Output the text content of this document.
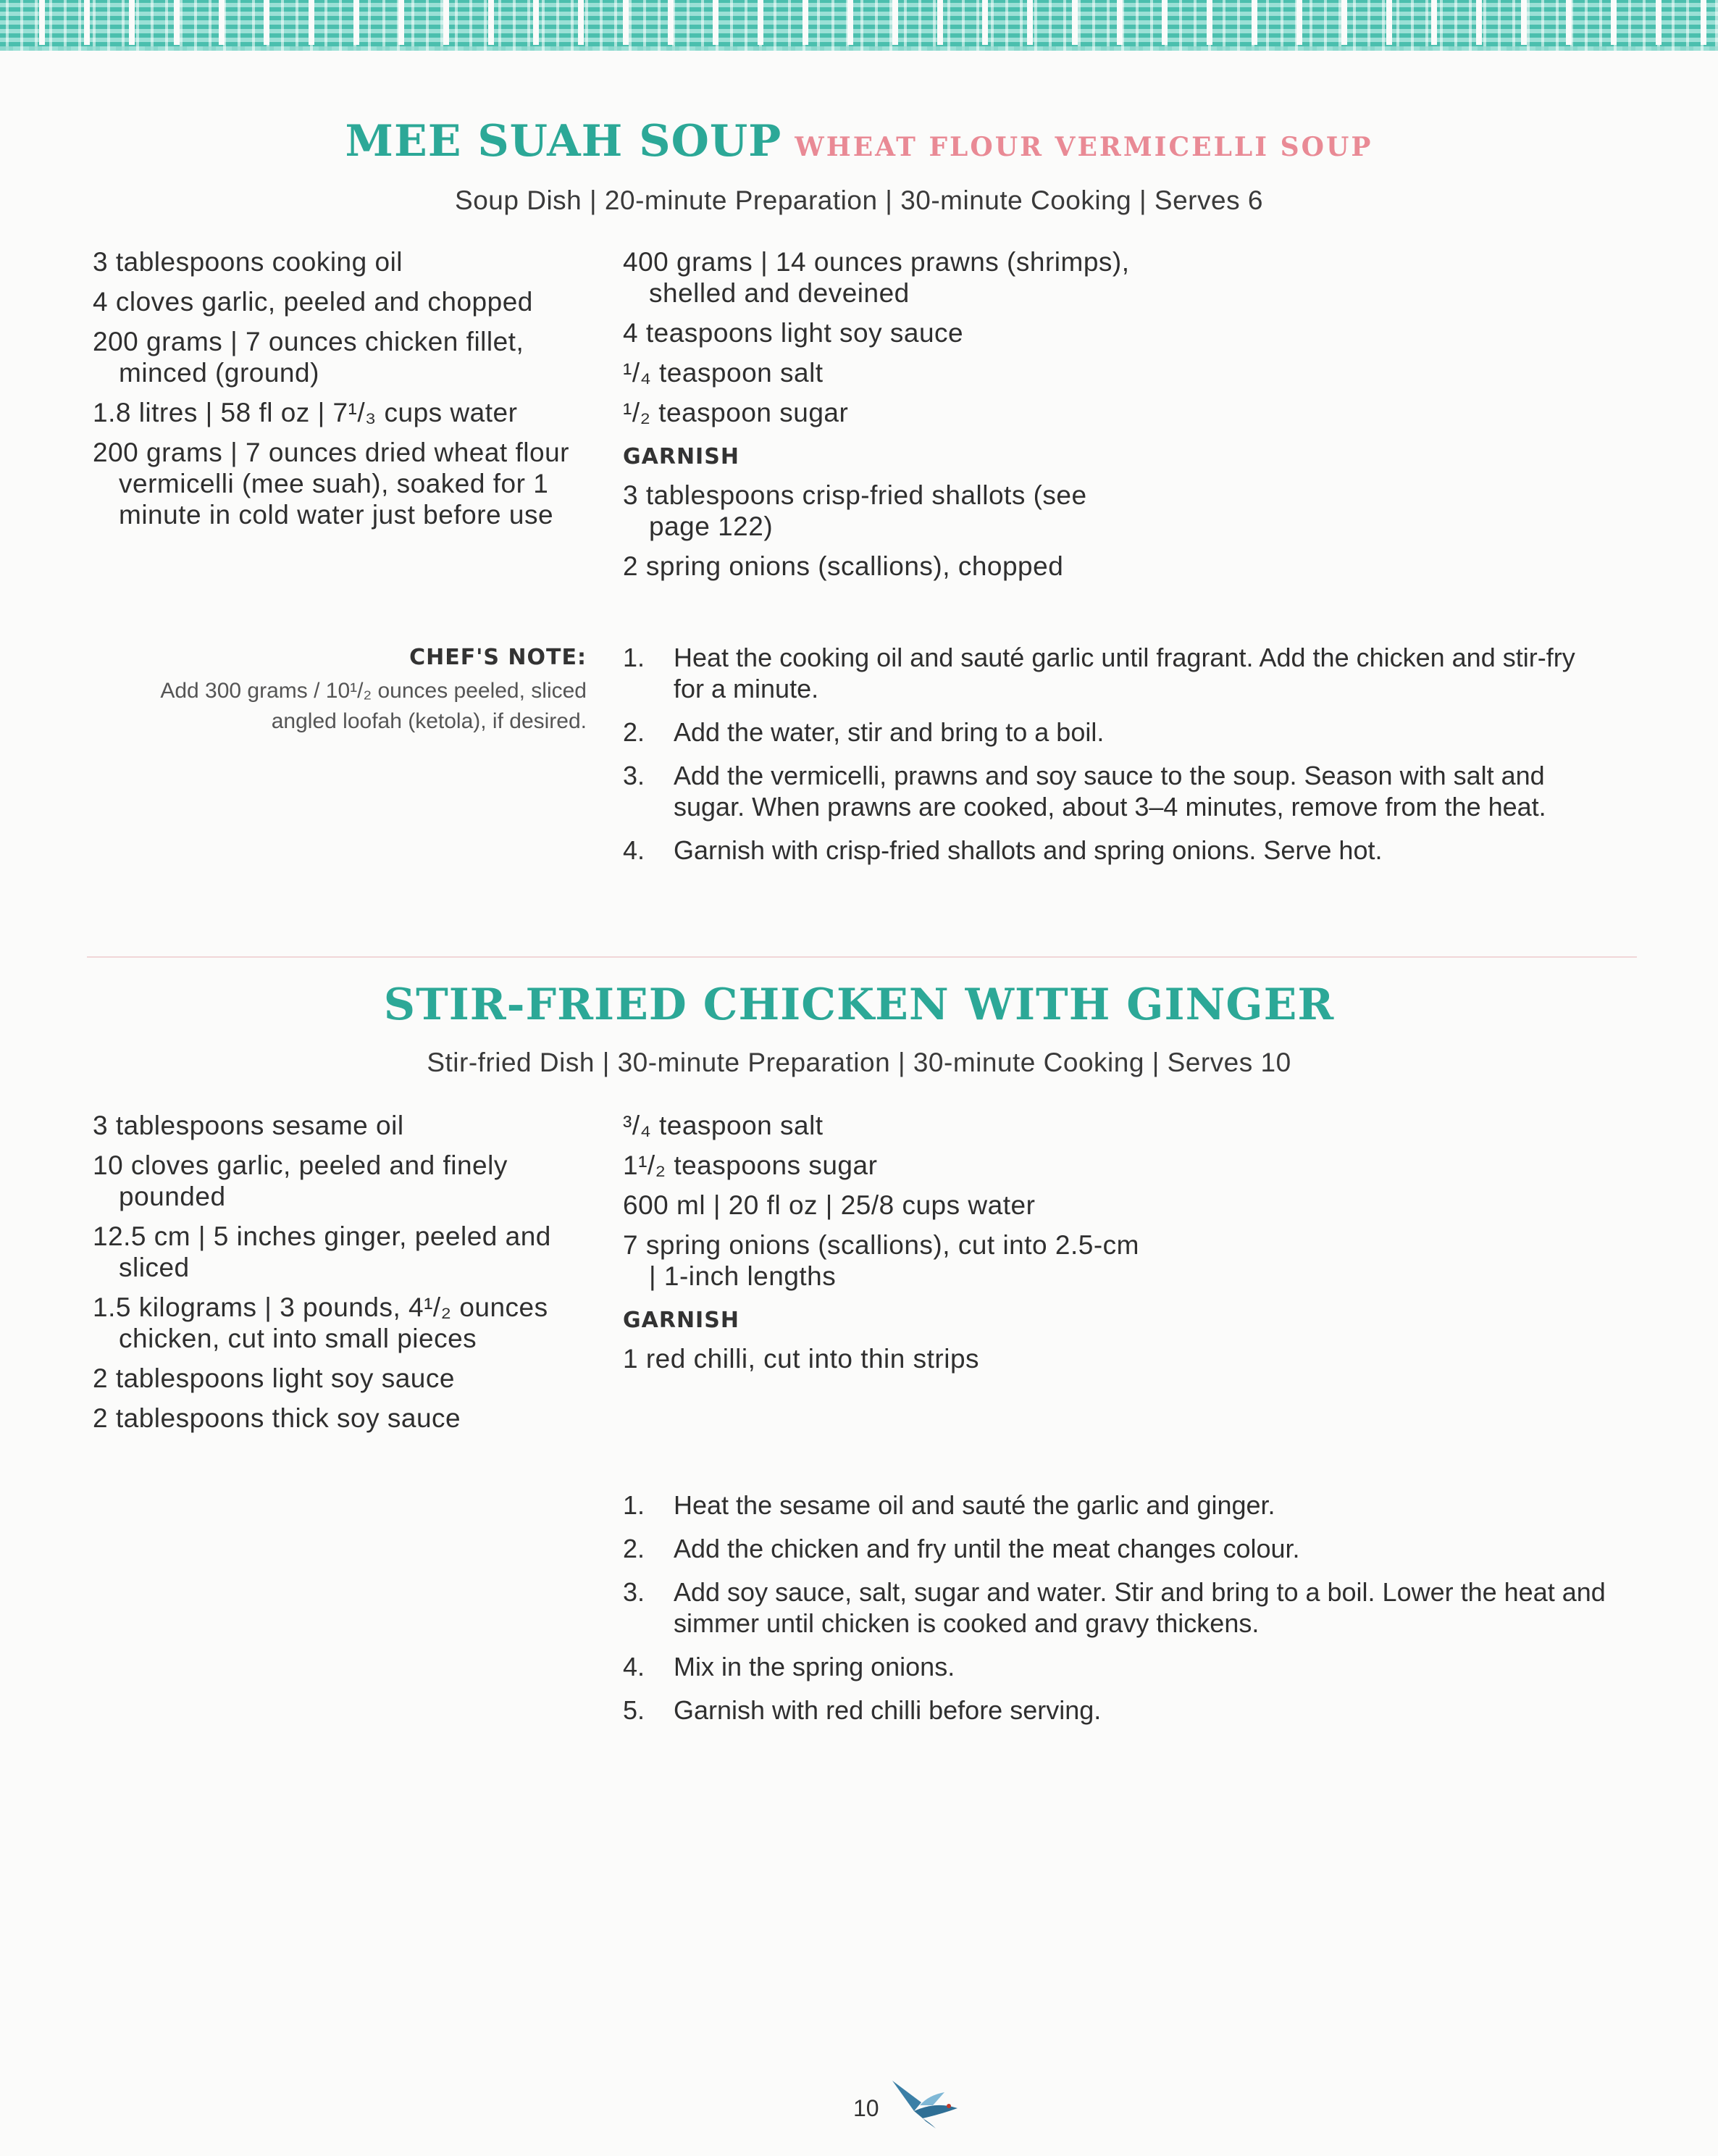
MEE SUAH SOUP WHEAT FLOUR VERMICELLI SOUP
Soup Dish | 20-minute Preparation | 30-minute Cooking | Serves 6
3 tablespoons cooking oil
4 cloves garlic, peeled and chopped
200 grams | 7 ounces chicken fillet, minced (ground)
1.8 litres | 58 fl oz | 7¹/₃ cups water
200 grams | 7 ounces dried wheat flour vermicelli (mee suah), soaked for 1 minute in cold water just before use
400 grams | 14 ounces prawns (shrimps), shelled and deveined
4 teaspoons light soy sauce
¹/₄ teaspoon salt
¹/₂ teaspoon sugar
GARNISH
3 tablespoons crisp-fried shallots (see page 122)
2 spring onions (scallions), chopped
CHEF'S NOTE:
Add 300 grams / 10¹/₂ ounces peeled, sliced angled loofah (ketola), if desired.
1.	Heat the cooking oil and sauté garlic until fragrant. Add the chicken and stir-fry for a minute.
2.	Add the water, stir and bring to a boil.
3.	Add the vermicelli, prawns and soy sauce to the soup. Season with salt and sugar. When prawns are cooked, about 3–4 minutes, remove from the heat.
4.	Garnish with crisp-fried shallots and spring onions. Serve hot.
STIR-FRIED CHICKEN WITH GINGER
Stir-fried Dish | 30-minute Preparation | 30-minute Cooking | Serves 10
3 tablespoons sesame oil
10 cloves garlic, peeled and finely pounded
12.5 cm | 5 inches ginger, peeled and sliced
1.5 kilograms | 3 pounds, 4¹/₂ ounces chicken, cut into small pieces
2 tablespoons light soy sauce
2 tablespoons thick soy sauce
³/₄ teaspoon salt
1¹/₂ teaspoons sugar
600 ml | 20 fl oz | 25/8 cups water
7 spring onions (scallions), cut into 2.5-cm | 1-inch lengths
GARNISH
1 red chilli, cut into thin strips
1.	Heat the sesame oil and sauté the garlic and ginger.
2.	Add the chicken and fry until the meat changes colour.
3.	Add soy sauce, salt, sugar and water. Stir and bring to a boil. Lower the heat and simmer until chicken is cooked and gravy thickens.
4.	Mix in the spring onions.
5.	Garnish with red chilli before serving.
10
